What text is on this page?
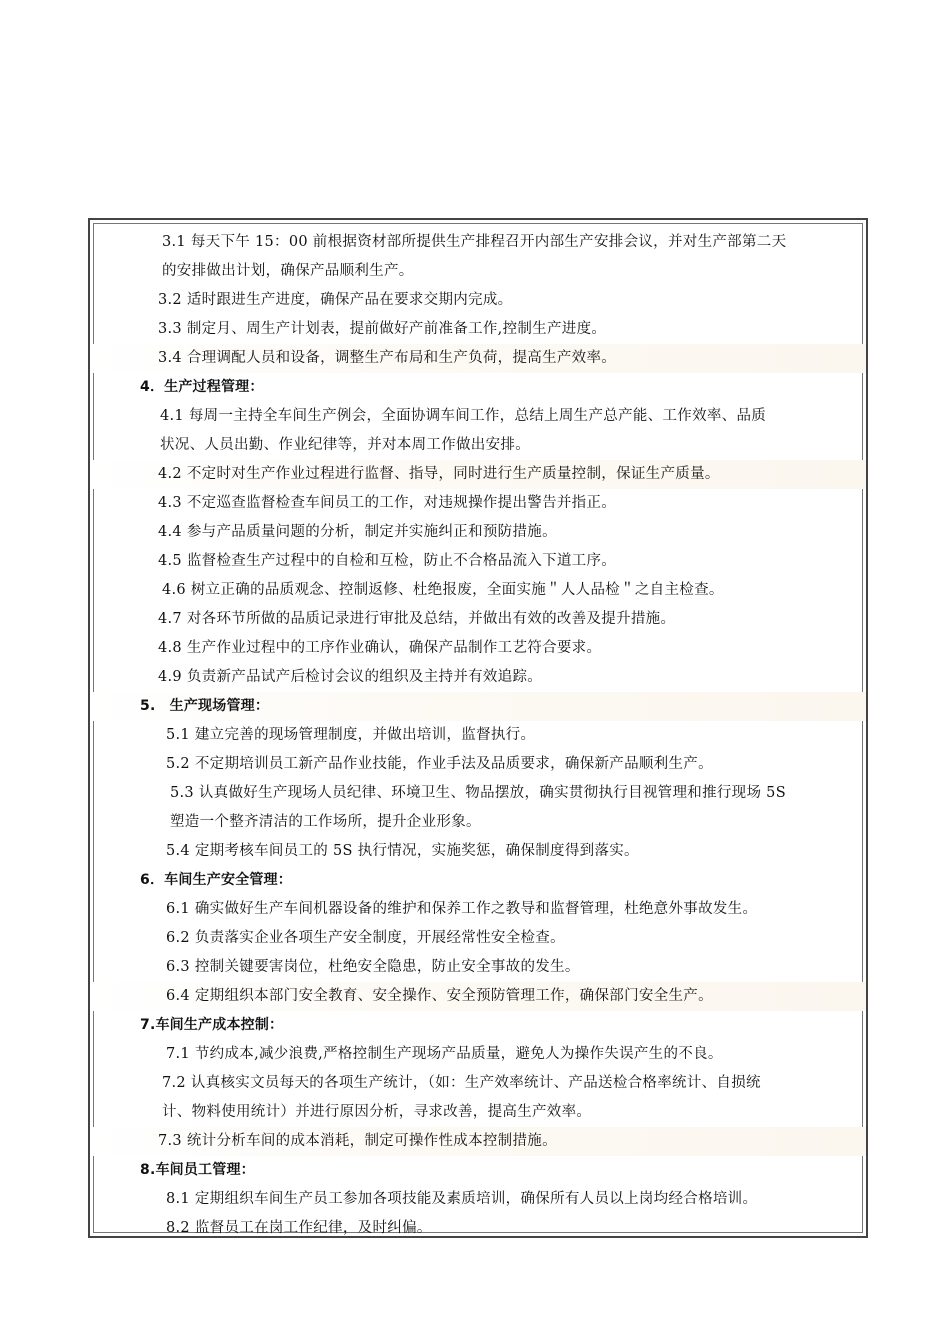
3.1 每天下午 15：00 前根据资材部所提供生产排程召开内部生产安排会议，并对生产部第二天
的安排做出计划，确保产品顺利生产。
3.2 适时跟进生产进度，确保产品在要求交期内完成。
3.3 制定月、周生产计划表，提前做好产前准备工作,控制生产进度。
3.4 合理调配人员和设备，调整生产布局和生产负荷，提高生产效率。
4．生产过程管理：
4.1 每周一主持全车间生产例会，全面协调车间工作，总结上周生产总产能、工作效率、品质
状况、人员出勤、作业纪律等，并对本周工作做出安排。
4.2 不定时对生产作业过程进行监督、指导，同时进行生产质量控制，保证生产质量。
4.3 不定巡查监督检查车间员工的工作，对违规操作提出警告并指正。
4.4 参与产品质量问题的分析，制定并实施纠正和预防措施。
4.5 监督检查生产过程中的自检和互检，防止不合格品流入下道工序。
4.6 树立正确的品质观念、控制返修、杜绝报废，全面实施＂人人品检＂之自主检查。
4.7 对各环节所做的品质记录进行审批及总结，并做出有效的改善及提升措施。
4.8 生产作业过程中的工序作业确认，确保产品制作工艺符合要求。
4.9 负责新产品试产后检讨会议的组织及主持并有效追踪。
5.　生产现场管理：
5.1 建立完善的现场管理制度，并做出培训，监督执行。
5.2 不定期培训员工新产品作业技能，作业手法及品质要求，确保新产品顺利生产。
5.3 认真做好生产现场人员纪律、环境卫生、物品摆放，确实贯彻执行目视管理和推行现场 5S
塑造一个整齐清洁的工作场所，提升企业形象。
5.4 定期考核车间员工的 5S 执行情况，实施奖惩，确保制度得到落实。
6．车间生产安全管理：
6.1 确实做好生产车间机器设备的维护和保养工作之教导和监督管理，杜绝意外事故发生。
6.2 负责落实企业各项生产安全制度，开展经常性安全检查。
6.3 控制关键要害岗位，杜绝安全隐患，防止安全事故的发生。
6.4 定期组织本部门安全教育、安全操作、安全预防管理工作，确保部门安全生产。
7.车间生产成本控制：
7.1 节约成本,减少浪费,严格控制生产现场产品质量，避免人为操作失误产生的不良。
7.2 认真核实文员每天的各项生产统计，（如：生产效率统计、产品送检合格率统计、自损统
计、物料使用统计）并进行原因分析，寻求改善，提高生产效率。
7.3 统计分析车间的成本消耗，制定可操作性成本控制措施。
8.车间员工管理：
8.1 定期组织车间生产员工参加各项技能及素质培训，确保所有人员以上岗均经合格培训。
8.2 监督员工在岗工作纪律，及时纠偏。
